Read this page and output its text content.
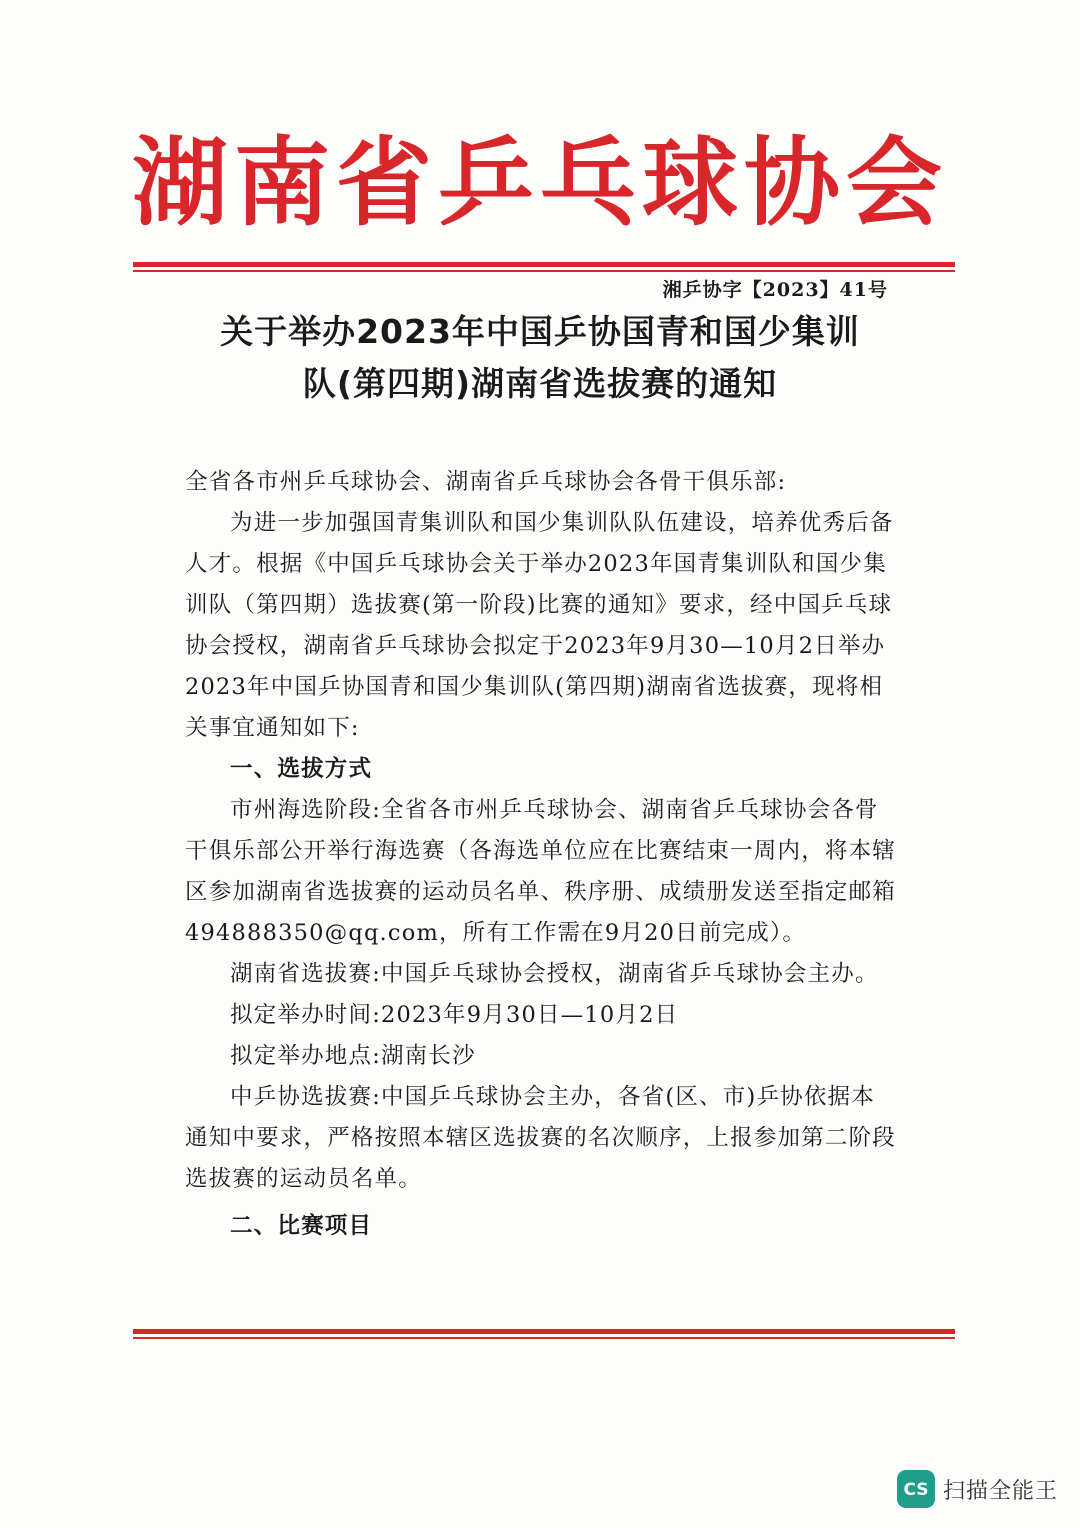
湖南省乒乓球协会
湘乒协字【2023】41号
关于举办2023年中国乒协国青和国少集训
队(第四期)湖南省选拔赛的通知

全省各市州乒乓球协会、湖南省乒乓球协会各骨干俱乐部:

为进一步加强国青集训队和国少集训队队伍建设，培养优秀后备人才。根据《中国乒乓球协会关于举办2023年国青集训队和国少集训队（第四期）选拔赛(第一阶段)比赛的通知》要求，经中国乒乓球协会授权，湖南省乒乓球协会拟定于2023年9月30—10月2日举办2023年中国乒协国青和国少集训队(第四期)湖南省选拔赛，现将相关事宜通知如下:

一、选拔方式

市州海选阶段:全省各市州乒乓球协会、湖南省乒乓球协会各骨干俱乐部公开举行海选赛（各海选单位应在比赛结束一周内，将本辖区参加湖南省选拔赛的运动员名单、秩序册、成绩册发送至指定邮箱494888350@qq.com，所有工作需在9月20日前完成）。

湖南省选拔赛:中国乒乓球协会授权，湖南省乒乓球协会主办。

拟定举办时间:2023年9月30日—10月2日

拟定举办地点:湖南长沙

中乒协选拔赛:中国乒乓球协会主办，各省(区、市)乒协依据本通知中要求，严格按照本辖区选拔赛的名次顺序，上报参加第二阶段选拔赛的运动员名单。

二、比赛项目

CS 扫描全能王
